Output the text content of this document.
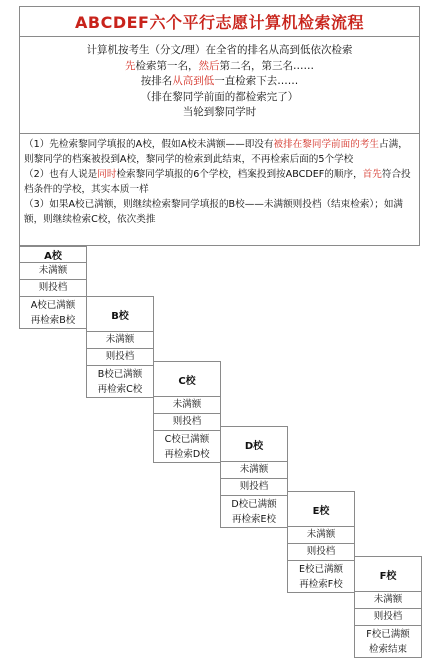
ABCDEF六个平行志愿计算机检索流程
计算机按考生（分文/理）在全省的排名从高到低依次检索
先检索第一名，然后第二名，第三名……
按排名从高到低一直检索下去……
（排在黎同学前面的都检索完了）
当轮到黎同学时

（1）先检索黎同学填报的A校，假如A校未满额——即没有被排在黎同学前面的考生占满，则黎同学的档案被投到A校，黎同学的检索到此结束，不再检索后面的5个学校

（2）也有人说是同时检索黎同学填报的6个学校，档案投到按ABCDEF的顺序，首先符合投档条件的学校，其实本质一样

（3）如果A校已满额，则继续检索黎同学填报的B校——未满额则投档（结束检索）；如满额，则继续检索C校，依次类推

A校
未满额
则投档
A校已满额
再检索B校	B校
未满额
则投档
B校已满额
再检索C校
C校
未满额
则投档
C校已满额
再检索D校
D校
未满额
则投档
D校已满额
再检索E校
E校
未满额
则投档
E校已满额
再检索F校
F校
未满额
则投档
F校已满额
检索结束
